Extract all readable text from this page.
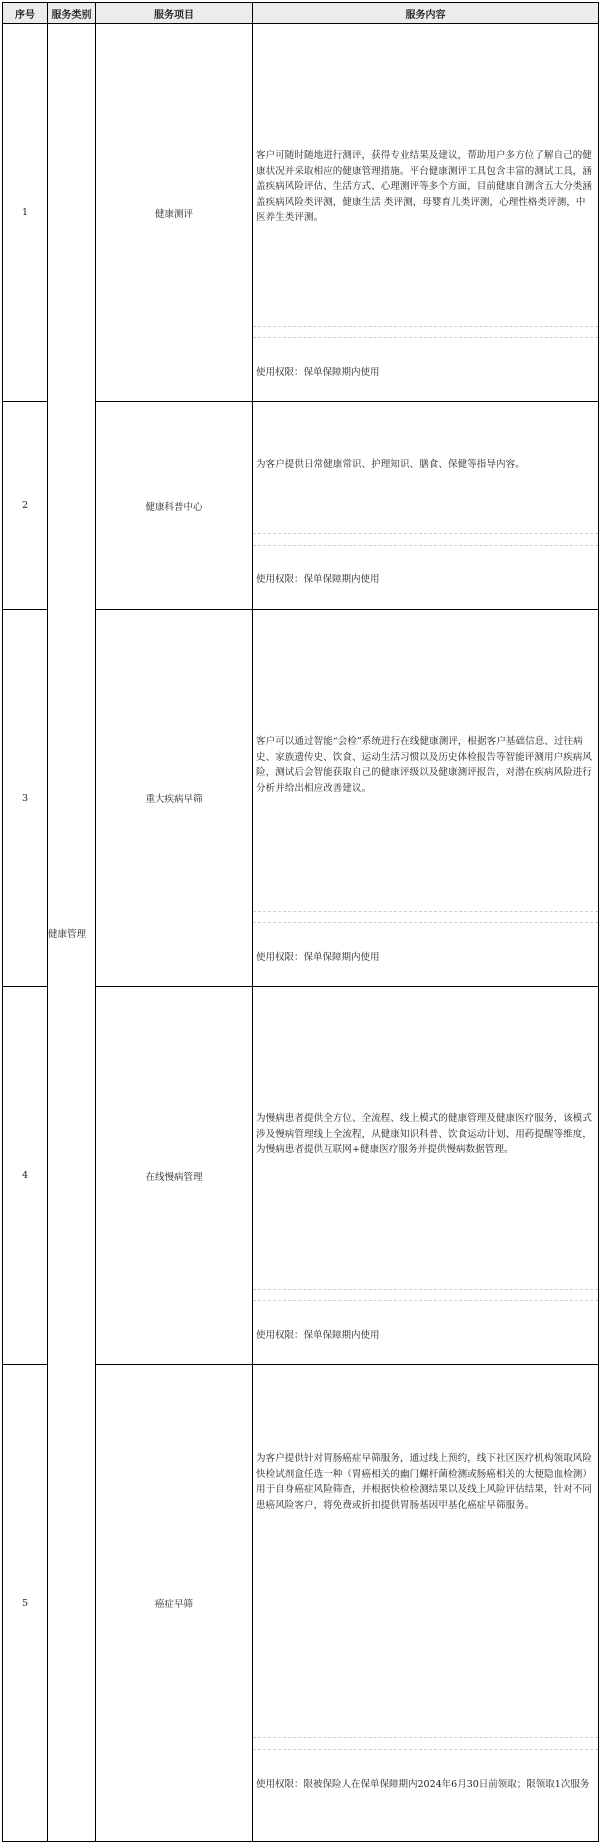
序号	服务类别	服务项目	服务内容
1	健康管理	健康测评	客户可随时随地进行测评，获得专业结果及建议，帮助用户多方位了解自己的健康状况并采取相应的健康管理措施。平台健康测评工具包含丰富的测试工具，涵盖疾病风险评估、生活方式、心理测评等多个方面，目前健康自测含五大分类涵盖疾病风险类评测，健康生活 类评测，母婴育儿类评测，心理性格类评测，中医养生类评测。
使用权限：保单保障期内使用

2		健康科普中心	为客户提供日常健康常识、护理知识、膳食、保健等指导内容。
使用权限：保单保障期内使用

3		重大疾病早筛	客户可以通过智能“会检”系统进行在线健康测评，根据客户基础信息、过往病史、家族遗传史、饮食、运动生活习惯以及历史体检报告等智能评测用户疾病风险，测试后会智能获取自己的健康评级以及健康测评报告，对潜在疾病风险进行分析并给出相应改善建议。
使用权限：保单保障期内使用

4		在线慢病管理	为慢病患者提供全方位、全流程、线上模式的健康管理及健康医疗服务，该模式涉及慢病管理线上全流程，从健康知识科普、饮食运动计划、用药提醒等维度，为慢病患者提供互联网+健康医疗服务并提供慢病数据管理。
使用权限：保单保障期内使用

5		癌症早筛	为客户提供针对胃肠癌症早筛服务，通过线上预约，线下社区医疗机构领取风险快检试剂盒任选一种（胃癌相关的幽门螺杆菌检测或肠癌相关的大便隐血检测）用于自身癌症风险筛查，并根据快检检测结果以及线上风险评估结果，针对不同患癌风险客户，将免费或折扣提供胃肠基因甲基化癌症早筛服务。
使用权限：限被保险人在保单保障期内2024年6月30日前领取；限领取1次服务
